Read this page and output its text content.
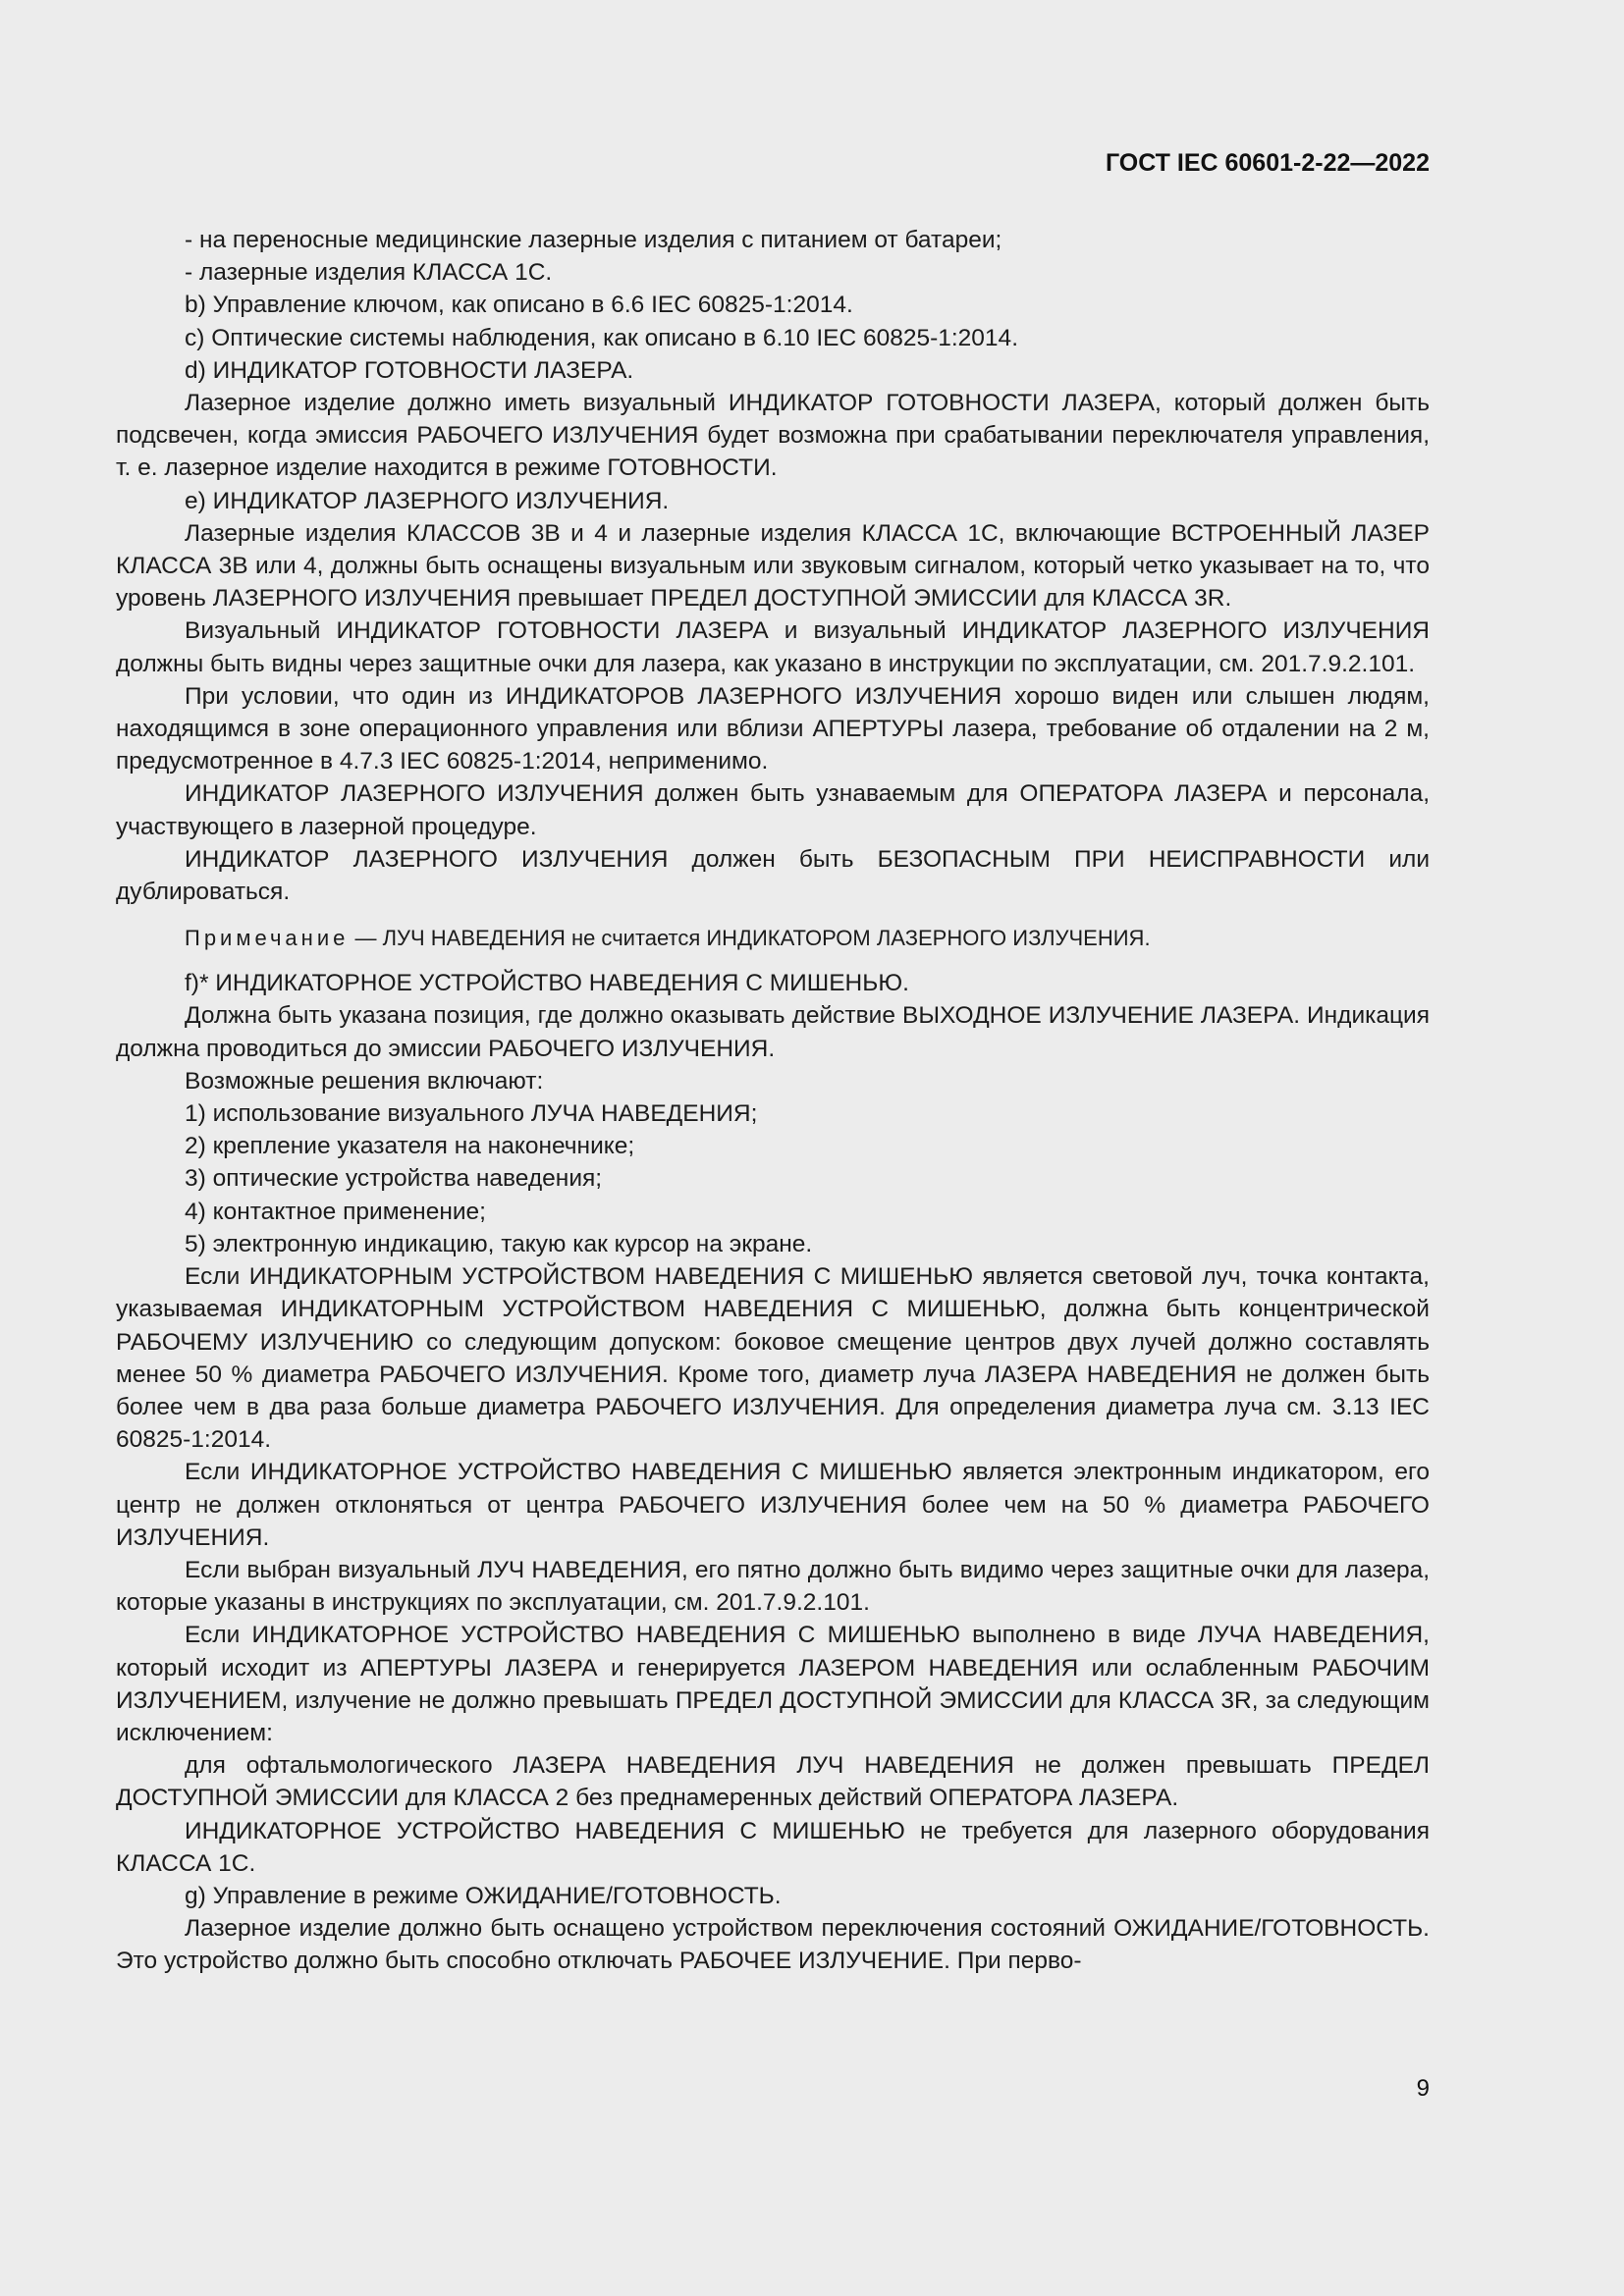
ГОСТ IEC 60601-2-22—2022

- на переносные медицинские лазерные изделия с питанием от батареи;

- лазерные изделия КЛАССА 1С.

b) Управление ключом, как описано в 6.6 IEC 60825-1:2014.

c) Оптические системы наблюдения, как описано в 6.10 IEC 60825-1:2014.

d) ИНДИКАТОР ГОТОВНОСТИ ЛАЗЕРА.

Лазерное изделие должно иметь визуальный ИНДИКАТОР ГОТОВНОСТИ ЛАЗЕРА, который должен быть подсвечен, когда эмиссия РАБОЧЕГО ИЗЛУЧЕНИЯ будет возможна при срабатывании переключателя управления, т. е. лазерное изделие находится в режиме ГОТОВНОСТИ.

e) ИНДИКАТОР ЛАЗЕРНОГО ИЗЛУЧЕНИЯ.

Лазерные изделия КЛАССОВ 3В и 4 и лазерные изделия КЛАССА 1С, включающие ВСТРОЕННЫЙ ЛАЗЕР КЛАССА 3В или 4, должны быть оснащены визуальным или звуковым сигналом, который четко указывает на то, что уровень ЛАЗЕРНОГО ИЗЛУЧЕНИЯ превышает ПРЕДЕЛ ДОСТУПНОЙ ЭМИССИИ для КЛАССА 3R.

Визуальный ИНДИКАТОР ГОТОВНОСТИ ЛАЗЕРА и визуальный ИНДИКАТОР ЛАЗЕРНОГО ИЗЛУЧЕНИЯ должны быть видны через защитные очки для лазера, как указано в инструкции по эксплуатации, см. 201.7.9.2.101.

При условии, что один из ИНДИКАТОРОВ ЛАЗЕРНОГО ИЗЛУЧЕНИЯ хорошо виден или слышен людям, находящимся в зоне операционного управления или вблизи АПЕРТУРЫ лазера, требование об отдалении на 2 м, предусмотренное в 4.7.3 IEC 60825-1:2014, неприменимо.

ИНДИКАТОР ЛАЗЕРНОГО ИЗЛУЧЕНИЯ должен быть узнаваемым для ОПЕРАТОРА ЛАЗЕРА и персонала, участвующего в лазерной процедуре.

ИНДИКАТОР ЛАЗЕРНОГО ИЗЛУЧЕНИЯ должен быть БЕЗОПАСНЫМ ПРИ НЕИСПРАВНОСТИ или дублироваться.

Примечание — ЛУЧ НАВЕДЕНИЯ не считается ИНДИКАТОРОМ ЛАЗЕРНОГО ИЗЛУЧЕНИЯ.

f)* ИНДИКАТОРНОЕ УСТРОЙСТВО НАВЕДЕНИЯ С МИШЕНЬЮ.

Должна быть указана позиция, где должно оказывать действие ВЫХОДНОЕ ИЗЛУЧЕНИЕ ЛАЗЕРА. Индикация должна проводиться до эмиссии РАБОЧЕГО ИЗЛУЧЕНИЯ.

Возможные решения включают:

1) использование визуального ЛУЧА НАВЕДЕНИЯ;

2) крепление указателя на наконечнике;

3) оптические устройства наведения;

4) контактное применение;

5) электронную индикацию, такую как курсор на экране.

Если ИНДИКАТОРНЫМ УСТРОЙСТВОМ НАВЕДЕНИЯ С МИШЕНЬЮ является световой луч, точка контакта, указываемая ИНДИКАТОРНЫМ УСТРОЙСТВОМ НАВЕДЕНИЯ С МИШЕНЬЮ, должна быть концентрической РАБОЧЕМУ ИЗЛУЧЕНИЮ со следующим допуском: боковое смещение центров двух лучей должно составлять менее 50 % диаметра РАБОЧЕГО ИЗЛУЧЕНИЯ. Кроме того, диаметр луча ЛАЗЕРА НАВЕДЕНИЯ не должен быть более чем в два раза больше диаметра РАБОЧЕГО ИЗЛУЧЕНИЯ. Для определения диаметра луча см. 3.13 IEC 60825-1:2014.

Если ИНДИКАТОРНОЕ УСТРОЙСТВО НАВЕДЕНИЯ С МИШЕНЬЮ является электронным индикатором, его центр не должен отклоняться от центра РАБОЧЕГО ИЗЛУЧЕНИЯ более чем на 50 % диаметра РАБОЧЕГО ИЗЛУЧЕНИЯ.

Если выбран визуальный ЛУЧ НАВЕДЕНИЯ, его пятно должно быть видимо через защитные очки для лазера, которые указаны в инструкциях по эксплуатации, см. 201.7.9.2.101.

Если ИНДИКАТОРНОЕ УСТРОЙСТВО НАВЕДЕНИЯ С МИШЕНЬЮ выполнено в виде ЛУЧА НАВЕДЕНИЯ, который исходит из АПЕРТУРЫ ЛАЗЕРА и генерируется ЛАЗЕРОМ НАВЕДЕНИЯ или ослабленным РАБОЧИМ ИЗЛУЧЕНИЕМ, излучение не должно превышать ПРЕДЕЛ ДОСТУПНОЙ ЭМИССИИ для КЛАССА 3R, за следующим исключением:

для офтальмологического ЛАЗЕРА НАВЕДЕНИЯ ЛУЧ НАВЕДЕНИЯ не должен превышать ПРЕДЕЛ ДОСТУПНОЙ ЭМИССИИ для КЛАССА 2 без преднамеренных действий ОПЕРАТОРА ЛАЗЕРА.

ИНДИКАТОРНОЕ УСТРОЙСТВО НАВЕДЕНИЯ С МИШЕНЬЮ не требуется для лазерного оборудования КЛАССА 1С.

g) Управление в режиме ОЖИДАНИЕ/ГОТОВНОСТЬ.

Лазерное изделие должно быть оснащено устройством переключения состояний ОЖИДАНИЕ/ГОТОВНОСТЬ. Это устройство должно быть способно отключать РАБОЧЕЕ ИЗЛУЧЕНИЕ. При перво-

9
